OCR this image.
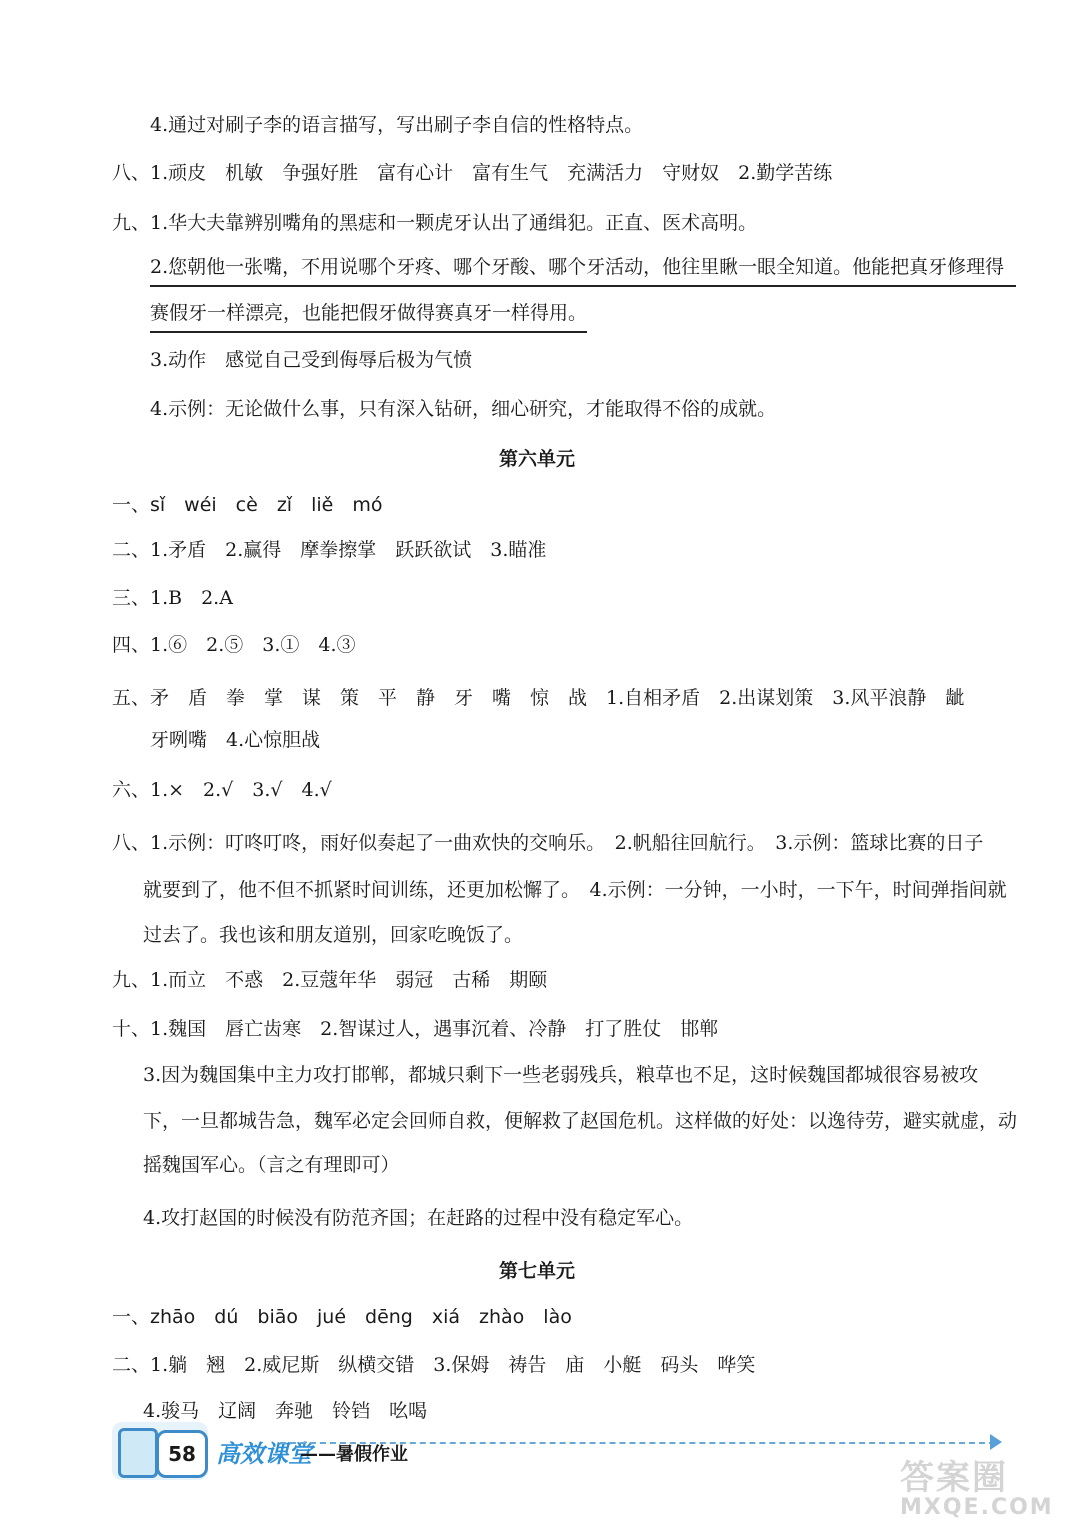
4.通过对刷子李的语言描写，写出刷子李自信的性格特点。
八、1.顽皮　机敏　争强好胜　富有心计　富有生气　充满活力　守财奴　2.勤学苦练
九、1.华大夫靠辨别嘴角的黑痣和一颗虎牙认出了通缉犯。正直、医术高明。
2.您朝他一张嘴，不用说哪个牙疼、哪个牙酸、哪个牙活动，他往里瞅一眼全知道。他能把真牙修理得
赛假牙一样漂亮，也能把假牙做得赛真牙一样得用。
3.动作　感觉自己受到侮辱后极为气愤
4.示例：无论做什么事，只有深入钻研，细心研究，才能取得不俗的成就。
第六单元
一、sǐ　wéi　cè　zǐ　liě　mó
二、1.矛盾　2.赢得　摩拳擦掌　跃跃欲试　3.瞄准
三、1.B　2.A
四、1.⑥　2.⑤　3.①　4.③
五、矛　盾　拳　掌　谋　策　平　静　牙　嘴　惊　战　1.自相矛盾　2.出谋划策　3.风平浪静　龇
牙咧嘴　4.心惊胆战
六、1.×　2.√　3.√　4.√
八、1.示例：叮咚叮咚，雨好似奏起了一曲欢快的交响乐。　2.帆船往回航行。　3.示例：篮球比赛的日子
就要到了，他不但不抓紧时间训练，还更加松懈了。　4.示例：一分钟，一小时，一下午，时间弹指间就
过去了。我也该和朋友道别，回家吃晚饭了。
九、1.而立　不惑　2.豆蔻年华　弱冠　古稀　期颐
十、1.魏国　唇亡齿寒　2.智谋过人，遇事沉着、冷静　打了胜仗　邯郸
3.因为魏国集中主力攻打邯郸，都城只剩下一些老弱残兵，粮草也不足，这时候魏国都城很容易被攻
下，一旦都城告急，魏军必定会回师自救，便解救了赵国危机。这样做的好处：以逸待劳，避实就虚，动
摇魏国军心。（言之有理即可）
4.攻打赵国的时候没有防范齐国；在赶路的过程中没有稳定军心。
第七单元
一、zhāo　dú　biāo　jué　dēng　xiá　zhào　lào
二、1.躺　翘　2.威尼斯　纵横交错　3.保姆　祷告　庙　小艇　码头　哗笑
4.骏马　辽阔　奔驰　铃铛　吆喝
58 高效课堂
——暑假作业
答案圈
MXQE.COM
